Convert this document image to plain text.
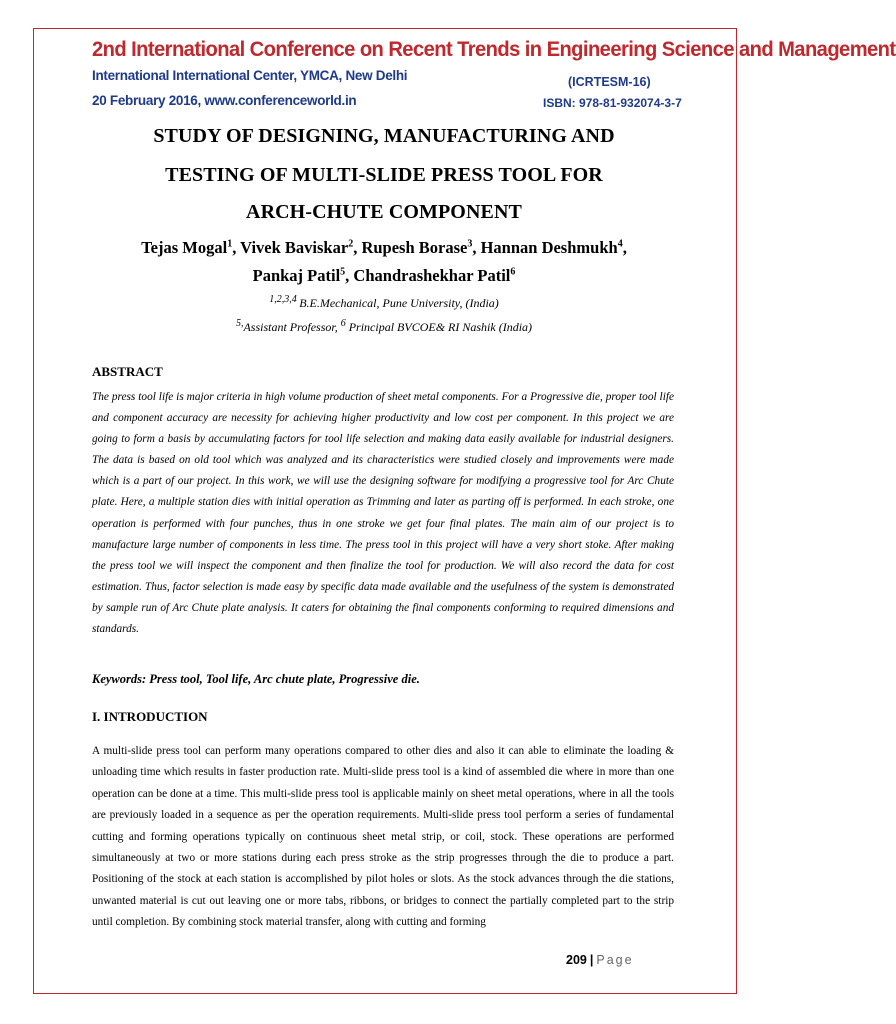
2nd International Conference on Recent Trends in Engineering Science and Management
International International Center, YMCA, New Delhi
20 February 2016, www.conferenceworld.in
(ICRTESM-16)
ISBN: 978-81-932074-3-7
STUDY OF DESIGNING, MANUFACTURING AND
TESTING OF MULTI-SLIDE PRESS TOOL FOR
ARCH-CHUTE COMPONENT
Tejas Mogal$^1$, Vivek Baviskar$^2$, Rupesh Borase$^3$, Hannan Deshmukh$^4$,
Pankaj Patil$^5$, Chandrashekhar Patil$^6$
$^{1,2,3,4}$ B.E.Mechanical, Pune University, (India)
$^{5,}$Assistant Professor, $^6$ Principal BVCOE& RI Nashik (India)
ABSTRACT

The press tool life is major criteria in high volume production of sheet metal components. For a Progressive die, proper tool life and component accuracy are necessity for achieving higher productivity and low cost per component. In this project we are going to form a basis by accumulating factors for tool life selection and making data easily available for industrial designers. The data is based on old tool which was analyzed and its characteristics were studied closely and improvements were made which is a part of our project. In this work, we will use the designing software for modifying a progressive tool for Arc Chute plate. Here, a multiple station dies with initial operation as Trimming and later as parting off is performed. In each stroke, one operation is performed with four punches, thus in one stroke we get four final plates. The main aim of our project is to manufacture large number of components in less time. The press tool in this project will have a very short stoke. After making the press tool we will inspect the component and then finalize the tool for production. We will also record the data for cost estimation. Thus, factor selection is made easy by specific data made available and the usefulness of the system is demonstrated by sample run of Arc Chute plate analysis. It caters for obtaining the final components conforming to required dimensions and standards.

Keywords: Press tool, Tool life, Arc chute plate, Progressive die.

I. INTRODUCTION

A multi-slide press tool can perform many operations compared to other dies and also it can able to eliminate the loading & unloading time which results in faster production rate. Multi-slide press tool is a kind of assembled die where in more than one operation can be done at a time. This multi-slide press tool is applicable mainly on sheet metal operations, where in all the tools are previously loaded in a sequence as per the operation requirements. Multi-slide press tool perform a series of fundamental cutting and forming operations typically on continuous sheet metal strip, or coil, stock. These operations are performed simultaneously at two or more stations during each press stroke as the strip progresses through the die to produce a part. Positioning of the stock at each station is accomplished by pilot holes or slots. As the stock advances through the die stations, unwanted material is cut out leaving one or more tabs, ribbons, or bridges to connect the partially completed part to the strip until completion. By combining stock material transfer, along with cutting and forming

209 | Page
